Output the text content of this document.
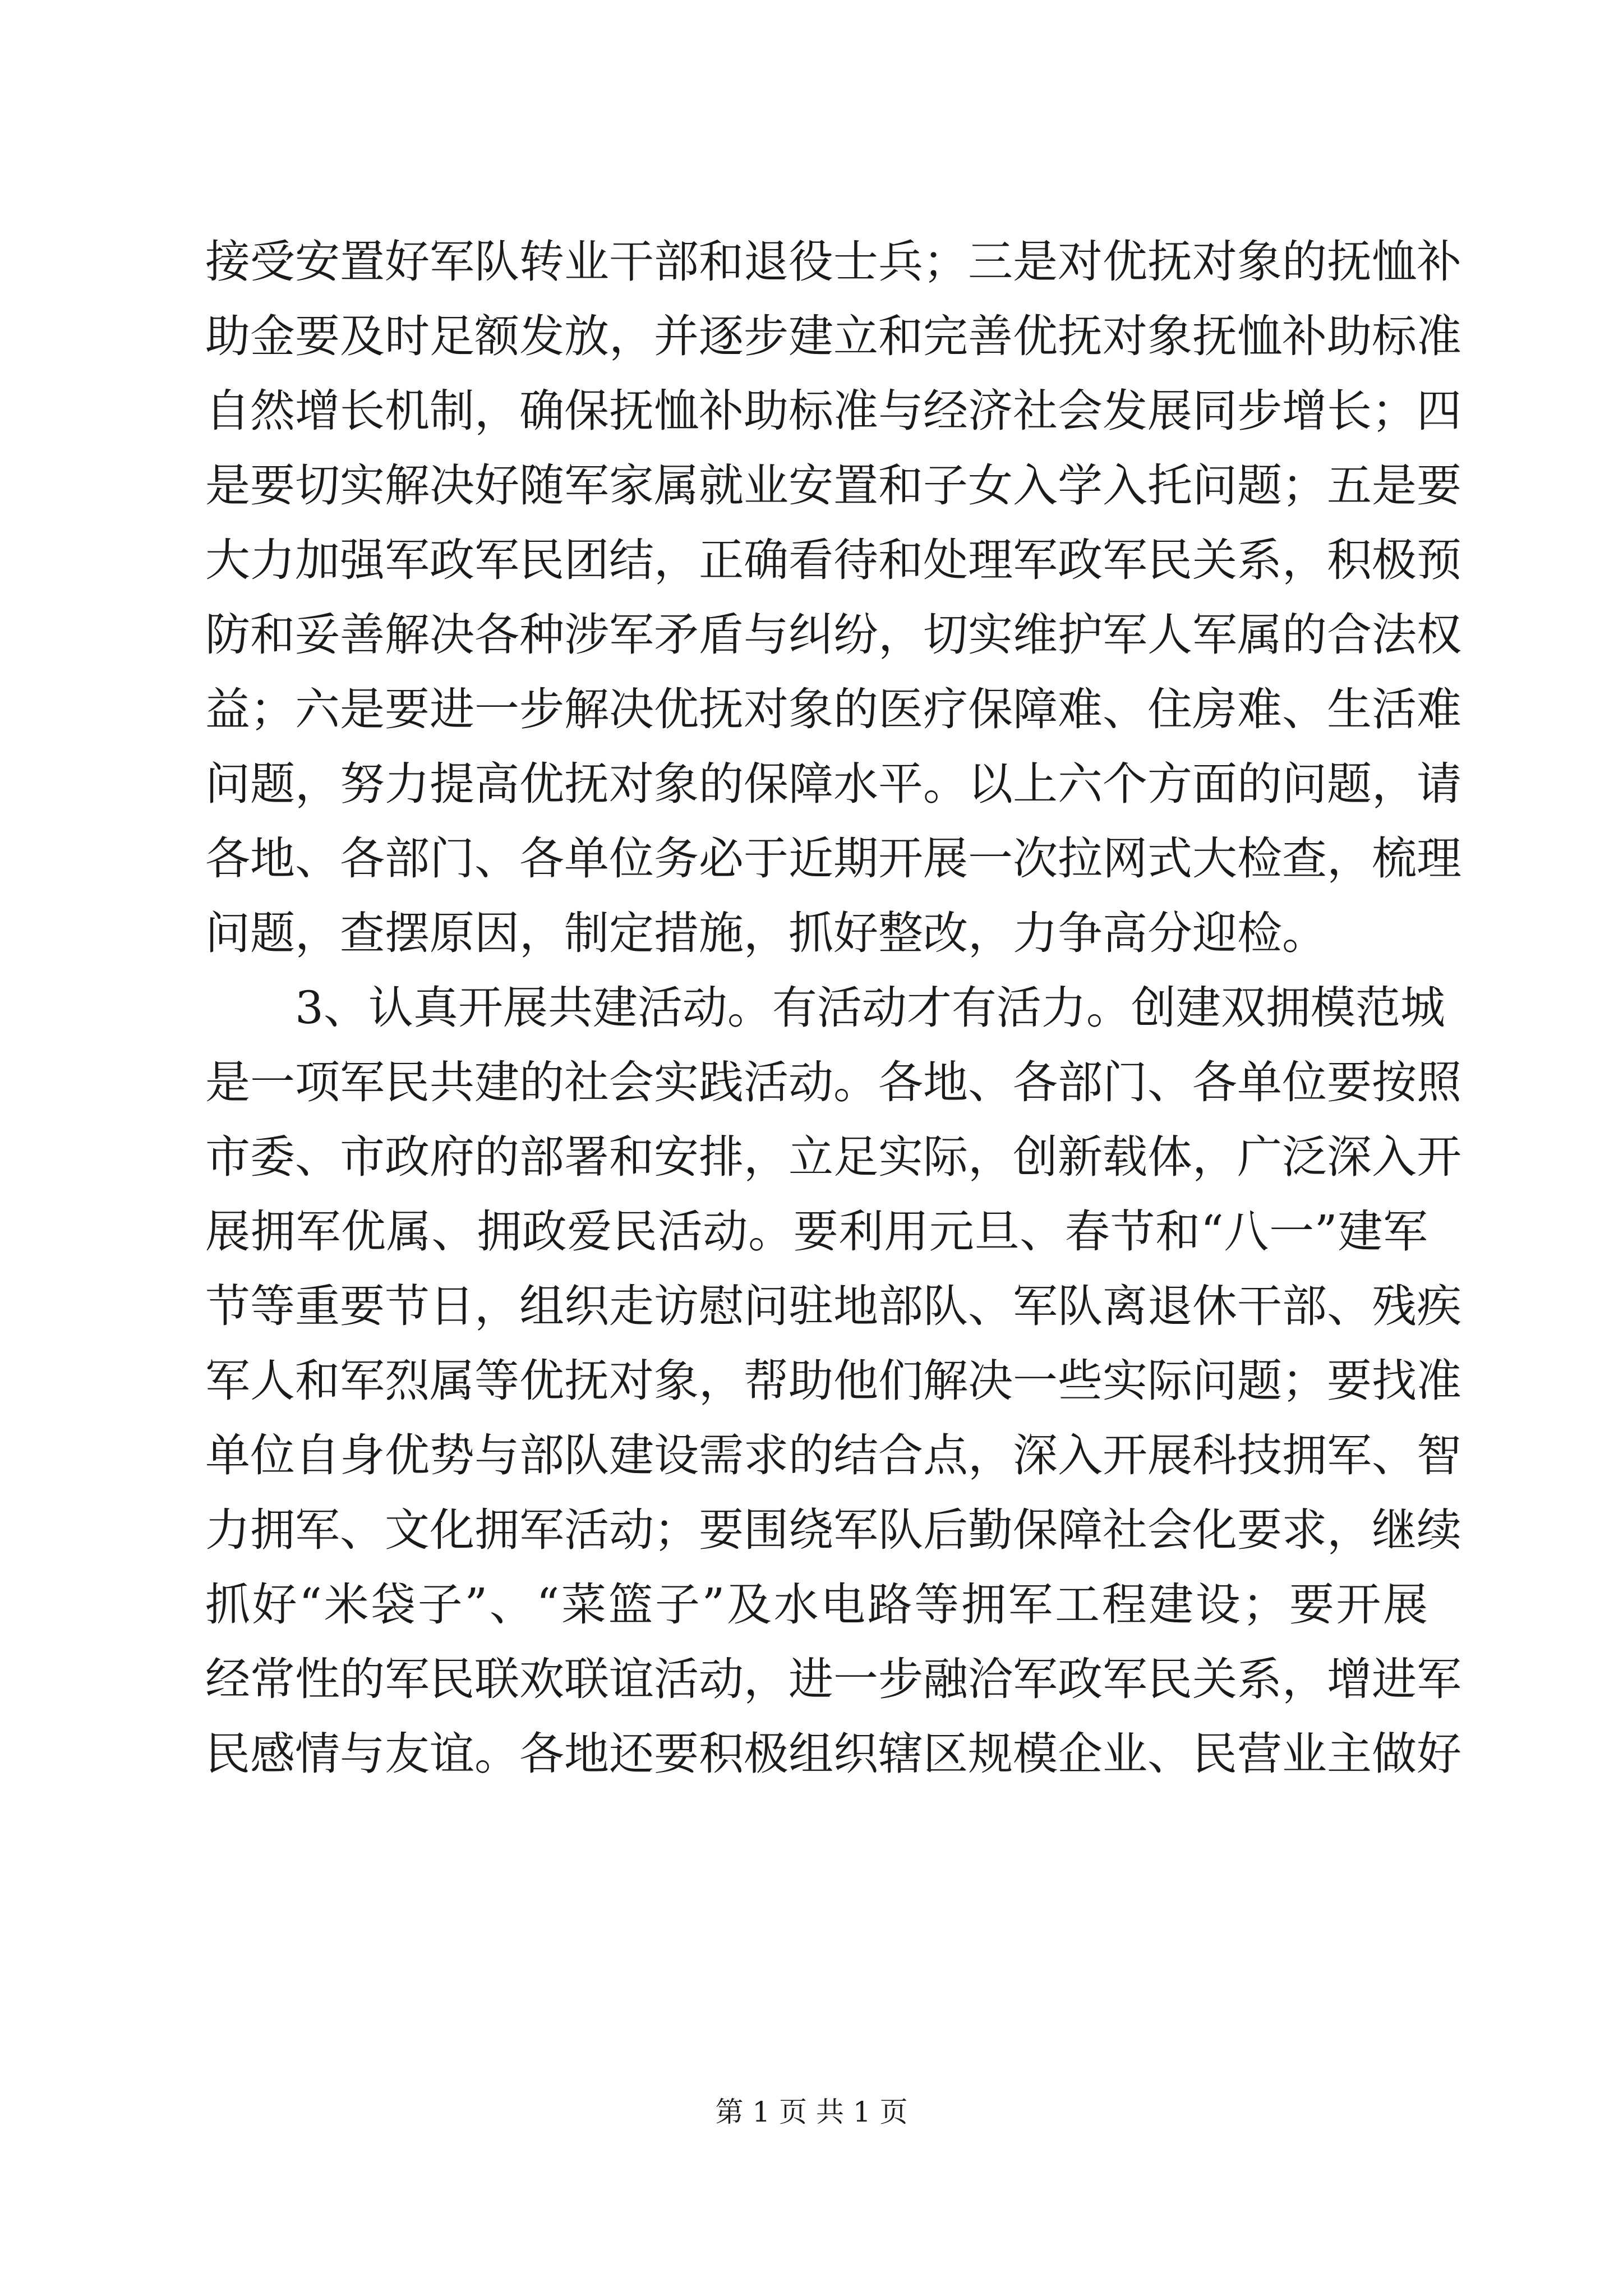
接受安置好军队转业干部和退役士兵；三是对优抚对象的抚恤补
助金要及时足额发放，并逐步建立和完善优抚对象抚恤补助标准
自然增长机制，确保抚恤补助标准与经济社会发展同步增长；四
是要切实解决好随军家属就业安置和子女入学入托问题；五是要
大力加强军政军民团结，正确看待和处理军政军民关系，积极预
防和妥善解决各种涉军矛盾与纠纷，切实维护军人军属的合法权
益；六是要进一步解决优抚对象的医疗保障难、住房难、生活难
问题，努力提高优抚对象的保障水平。以上六个方面的问题，请
各地、各部门、各单位务必于近期开展一次拉网式大检查，梳理
问题，查摆原因，制定措施，抓好整改，力争高分迎检。
3、认真开展共建活动。有活动才有活力。创建双拥模范城
是一项军民共建的社会实践活动。各地、各部门、各单位要按照
市委、市政府的部署和安排，立足实际，创新载体，广泛深入开
展拥军优属、拥政爱民活动。要利用元旦、春节和“八一”建军
节等重要节日，组织走访慰问驻地部队、军队离退休干部、残疾
军人和军烈属等优抚对象，帮助他们解决一些实际问题；要找准
单位自身优势与部队建设需求的结合点，深入开展科技拥军、智
力拥军、文化拥军活动；要围绕军队后勤保障社会化要求，继续
抓好“米袋子”、“菜篮子”及水电路等拥军工程建设；要开展
经常性的军民联欢联谊活动，进一步融洽军政军民关系，增进军
民感情与友谊。各地还要积极组织辖区规模企业、民营业主做好
第 1 页 共 1 页
